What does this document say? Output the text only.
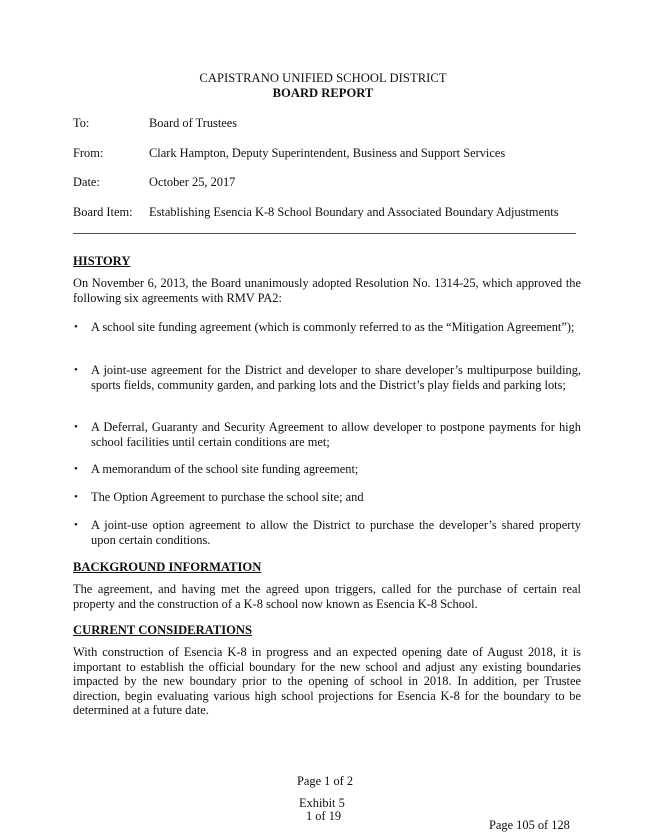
CAPISTRANO UNIFIED SCHOOL DISTRICT
BOARD REPORT
To:	Board of Trustees
From:	Clark Hampton, Deputy Superintendent, Business and Support Services
Date:	October 25, 2017
Board Item: Establishing Esencia K-8 School Boundary and Associated Boundary Adjustments
HISTORY
On November 6, 2013, the Board unanimously adopted Resolution No. 1314-25, which approved the following six agreements with RMV PA2:
• A school site funding agreement (which is commonly referred to as the “Mitigation Agreement”);
• A joint-use agreement for the District and developer to share developer’s multipurpose building, sports fields, community garden, and parking lots and the District’s play fields and parking lots;
• A Deferral, Guaranty and Security Agreement to allow developer to postpone payments for high school facilities until certain conditions are met;
• A memorandum of the school site funding agreement;
• The Option Agreement to purchase the school site; and
• A joint-use option agreement to allow the District to purchase the developer’s shared property upon certain conditions.
BACKGROUND INFORMATION
The agreement, and having met the agreed upon triggers, called for the purchase of certain real property and the construction of a K-8 school now known as Esencia K-8 School.
CURRENT CONSIDERATIONS
With construction of Esencia K-8 in progress and an expected opening date of August 2018, it is important to establish the official boundary for the new school and adjust any existing boundaries impacted by the new boundary prior to the opening of school in 2018. In addition, per Trustee direction, begin evaluating various high school projections for Esencia K-8 for the boundary to be determined at a future date.
Page 1 of 2
Exhibit 5
1 of 19
Page 105 of 128
